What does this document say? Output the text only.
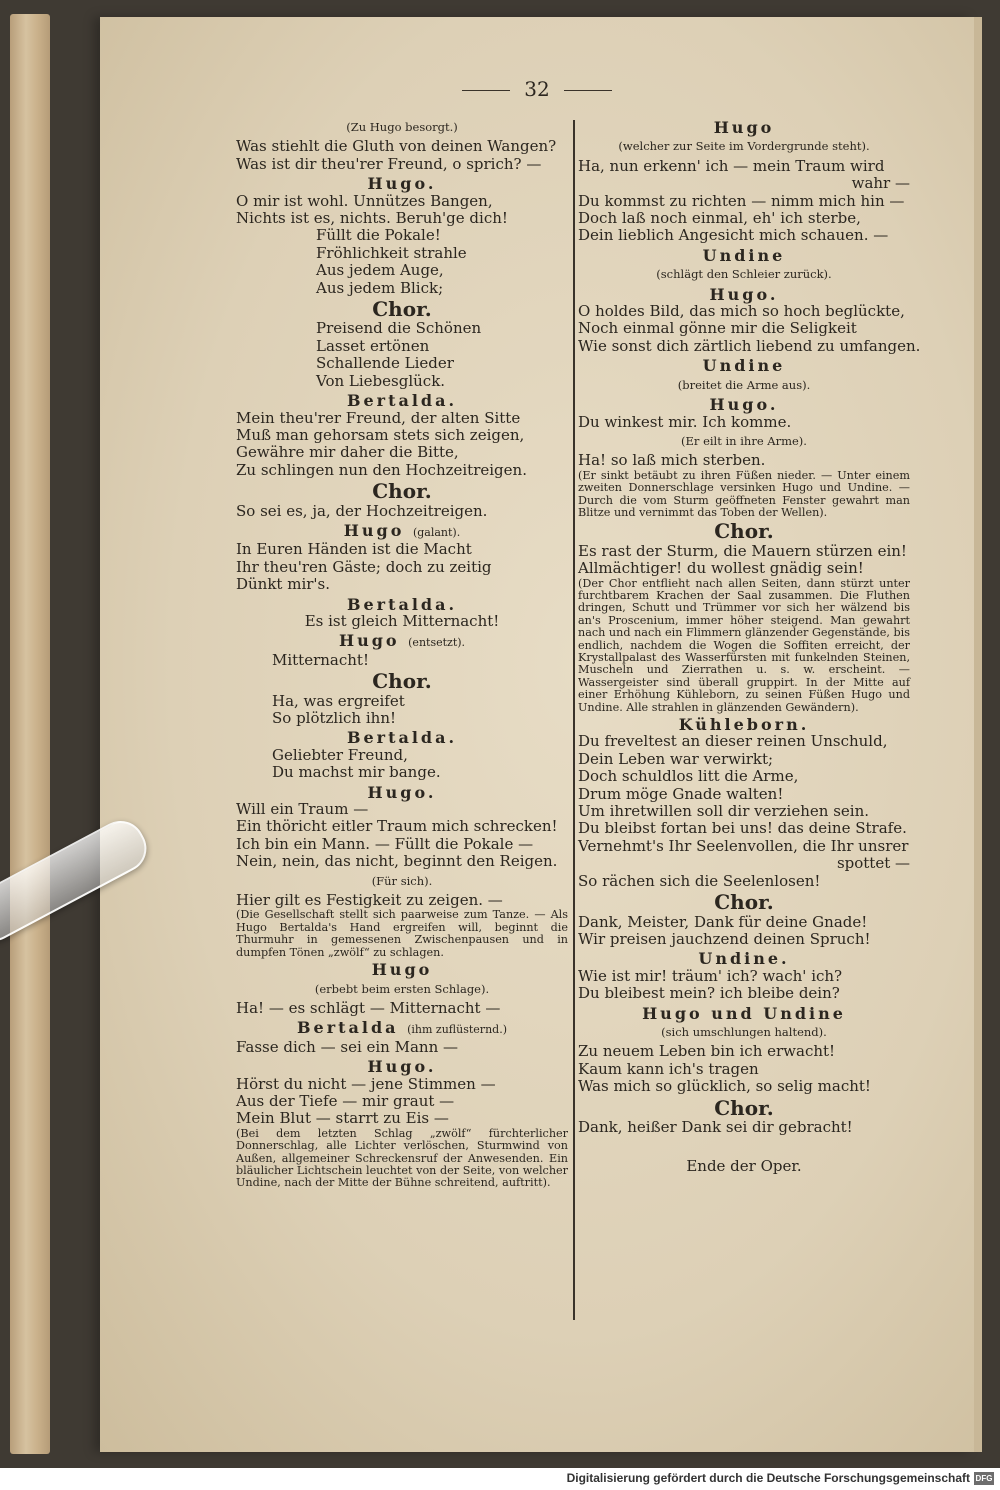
32
(Zu Hugo besorgt.)
Was stiehlt die Gluth von deinen Wangen?
Was ist dir theu'rer Freund, o sprich? —
Hugo.
O mir ist wohl. Unnützes Bangen,
Nichts ist es, nichts. Beruh'ge dich!
Füllt die Pokale!
Fröhlichkeit strahle
Aus jedem Auge,
Aus jedem Blick;
Chor.
Preisend die Schönen
Lasset ertönen
Schallende Lieder
Von Liebesglück.
Bertalda.
Mein theu'rer Freund, der alten Sitte
Muß man gehorsam stets sich zeigen,
Gewähre mir daher die Bitte,
Zu schlingen nun den Hochzeitreigen.
Chor.
So sei es, ja, der Hochzeitreigen.
Hugo (galant).
In Euren Händen ist die Macht
Ihr theu'ren Gäste; doch zu zeitig
Dünkt mir's.
Bertalda.
Es ist gleich Mitternacht!
Hugo (entsetzt).
Mitternacht!
Chor.
Ha, was ergreifet
So plötzlich ihn!
Bertalda.
Geliebter Freund,
Du machst mir bange.
Hugo.
Will ein Traum —
Ein thöricht eitler Traum mich schrecken!
Ich bin ein Mann. — Füllt die Pokale —
Nein, nein, das nicht, beginnt den Reigen.
(Für sich).
Hier gilt es Festigkeit zu zeigen. —
(Die Gesellschaft stellt sich paarweise zum Tanze. — Als Hugo Bertalda's Hand ergreifen will, beginnt die Thurmuhr in gemessenen Zwischenpausen und in dumpfen Tönen „zwölf“ zu schlagen.
Hugo
(erbebt beim ersten Schlage).
Ha! — es schlägt — Mitternacht —
Bertalda (ihm zuflüsternd.)
Fasse dich — sei ein Mann —
Hugo.
Hörst du nicht — jene Stimmen —
Aus der Tiefe — mir graut —
Mein Blut — starrt zu Eis —
(Bei dem letzten Schlag „zwölf“ fürchterlicher Donnerschlag, alle Lichter verlöschen, Sturmwind von Außen, allgemeiner Schreckensruf der Anwesenden. Ein bläulicher Lichtschein leuchtet von der Seite, von welcher Undine, nach der Mitte der Bühne schreitend, auftritt).
Hugo
(welcher zur Seite im Vordergrunde steht).
Ha, nun erkenn' ich — mein Traum wird
wahr —
Du kommst zu richten — nimm mich hin —
Doch laß noch einmal, eh' ich sterbe,
Dein lieblich Angesicht mich schauen. —
Undine
(schlägt den Schleier zurück).
Hugo.
O holdes Bild, das mich so hoch beglückte,
Noch einmal gönne mir die Seligkeit
Wie sonst dich zärtlich liebend zu umfangen.
Undine
(breitet die Arme aus).
Hugo.
Du winkest mir. Ich komme.
(Er eilt in ihre Arme).
Ha! so laß mich sterben.
(Er sinkt betäubt zu ihren Füßen nieder. — Unter einem zweiten Donnerschlage versinken Hugo und Undine. — Durch die vom Sturm geöffneten Fenster gewahrt man Blitze und vernimmt das Toben der Wellen).
Chor.
Es rast der Sturm, die Mauern stürzen ein!
Allmächtiger! du wollest gnädig sein!
(Der Chor entflieht nach allen Seiten, dann stürzt unter furchtbarem Krachen der Saal zusammen. Die Fluthen dringen, Schutt und Trümmer vor sich her wälzend bis an's Proscenium, immer höher steigend. Man gewahrt nach und nach ein Flimmern glänzender Gegenstände, bis endlich, nachdem die Wogen die Soffiten erreicht, der Krystallpalast des Wasserfürsten mit funkelnden Steinen, Muscheln und Zierrathen u. s. w. erscheint. — Wassergeister sind überall gruppirt. In der Mitte auf einer Erhöhung Kühleborn, zu seinen Füßen Hugo und Undine. Alle strahlen in glänzenden Gewändern).
Kühleborn.
Du freveltest an dieser reinen Unschuld,
Dein Leben war verwirkt;
Doch schuldlos litt die Arme,
Drum möge Gnade walten!
Um ihretwillen soll dir verziehen sein.
Du bleibst fortan bei uns! das deine Strafe.
Vernehmt's Ihr Seelenvollen, die Ihr unsrer
spottet —
So rächen sich die Seelenlosen!
Chor.
Dank, Meister, Dank für deine Gnade!
Wir preisen jauchzend deinen Spruch!
Undine.
Wie ist mir! träum' ich? wach' ich?
Du bleibest mein? ich bleibe dein?
Hugo und Undine
(sich umschlungen haltend).
Zu neuem Leben bin ich erwacht!
Kaum kann ich's tragen
Was mich so glücklich, so selig macht!
Chor.
Dank, heißer Dank sei dir gebracht!
Ende der Oper.
Digitalisierung gefördert durch die Deutsche Forschungsgemeinschaft DFG
